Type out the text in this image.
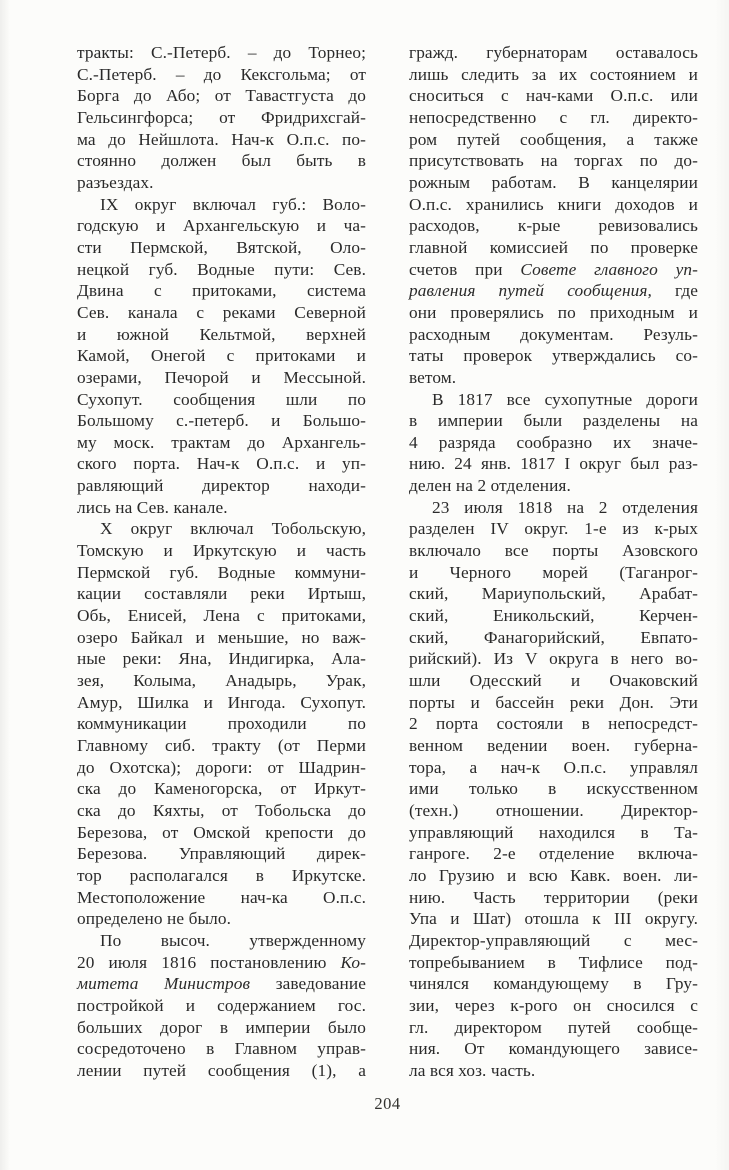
тракты: С.-Петерб. – до Торнео;
С.-Петерб. – до Кексгольма; от
Борга до Або; от Тавастгуста до
Гельсингфорса; от Фридрихсгай-
ма до Нейшлота. Нач-к О.п.с. по-
стоянно должен был быть в
разъездах.

IX округ включал губ.: Воло-
годскую и Архангельскую и ча-
сти Пермской, Вятской, Оло-
нецкой губ. Водные пути: Сев.
Двина с притоками, система
Сев. канала с реками Северной
и южной Кельтмой, верхней
Камой, Онегой с притоками и
озерами, Печорой и Мессыной.
Сухопут. сообщения шли по
Большому с.-петерб. и Большо-
му моск. трактам до Архангель-
ского порта. Нач-к О.п.с. и уп-
равляющий директор находи-
лись на Сев. канале.

X округ включал Тобольскую,
Томскую и Иркутскую и часть
Пермской губ. Водные коммуни-
кации составляли реки Иртыш,
Обь, Енисей, Лена с притоками,
озеро Байкал и меньшие, но важ-
ные реки: Яна, Индигирка, Ала-
зея, Колыма, Анадырь, Урак,
Амур, Шилка и Ингода. Сухопут.
коммуникации проходили по
Главному сиб. тракту (от Перми
до Охотска); дороги: от Шадрин-
ска до Каменогорска, от Иркут-
ска до Кяхты, от Тобольска до
Березова, от Омской крепости до
Березова. Управляющий дирек-
тор располагался в Иркутске.
Местоположение нач-ка О.п.с.
определено не было.

По высоч. утвержденному
20 июля 1816 постановлению Ко-
митета Министров заведование
постройкой и содержанием гос.
больших дорог в империи было
сосредоточено в Главном управ-
лении путей сообщения (1), а

гражд. губернаторам оставалось
лишь следить за их состоянием и
сноситься с нач-ками О.п.с. или
непосредственно с гл. директо-
ром путей сообщения, а также
присутствовать на торгах по до-
рожным работам. В канцелярии
О.п.с. хранились книги доходов и
расходов, к-рые ревизовались
главной комиссией по проверке
счетов при Совете главного уп-
равления путей сообщения, где
они проверялись по приходным и
расходным документам. Резуль-
таты проверок утверждались со-
ветом.

В 1817 все сухопутные дороги
в империи были разделены на
4 разряда сообразно их значе-
нию. 24 янв. 1817 I округ был раз-
делен на 2 отделения.

23 июля 1818 на 2 отделения
разделен IV округ. 1-е из к-рых
включало все порты Азовского
и Черного морей (Таганрог-
ский, Мариупольский, Арабат-
ский, Еникольский, Керчен-
ский, Фанагорийский, Евпато-
рийский). Из V округа в него во-
шли Одесский и Очаковский
порты и бассейн реки Дон. Эти
2 порта состояли в непосредст-
венном ведении воен. губерна-
тора, а нач-к О.п.с. управлял
ими только в искусственном
(техн.) отношении. Директор-
управляющий находился в Та-
ганроге. 2-е отделение включа-
ло Грузию и всю Кавк. воен. ли-
нию. Часть территории (реки
Упа и Шат) отошла к III округу.
Директор-управляющий с мес-
топребыванием в Тифлисе под-
чинялся командующему в Гру-
зии, через к-рого он сносился с
гл. директором путей сообще-
ния. От командующего зависе-
ла вся хоз. часть.

204
